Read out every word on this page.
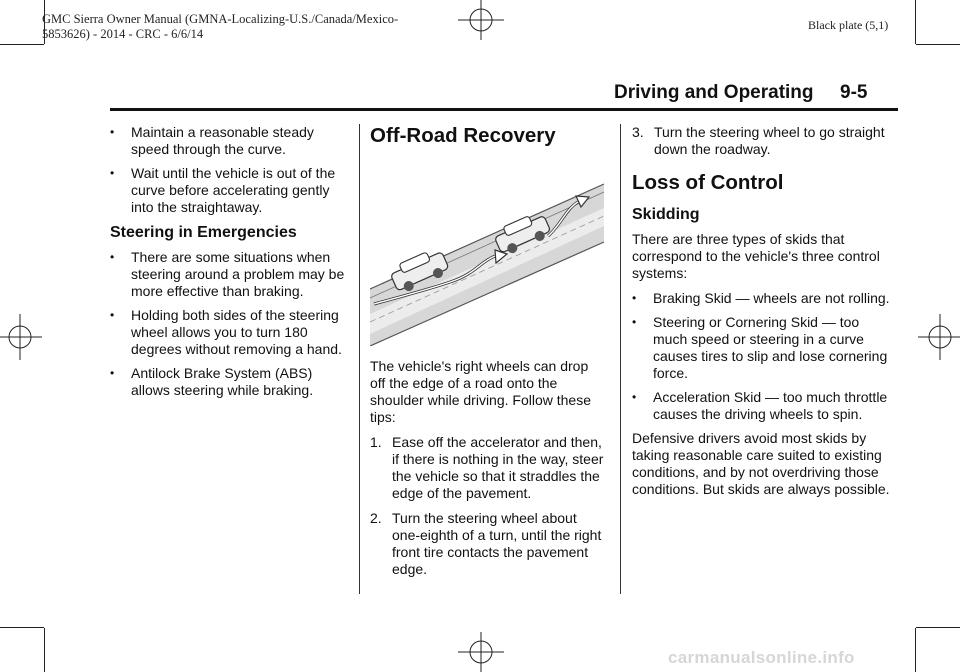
GMC Sierra Owner Manual (GMNA-Localizing-U.S./Canada/Mexico-
5853626) - 2014 - CRC - 6/6/14
Black plate (5,1)
Driving and Operating 9-5
• Maintain a reasonable steady speed through the curve.
• Wait until the vehicle is out of the curve before accelerating gently into the straightaway.
Steering in Emergencies
• There are some situations when steering around a problem may be more effective than braking.
• Holding both sides of the steering wheel allows you to turn 180 degrees without removing a hand.
• Antilock Brake System (ABS) allows steering while braking.
Off-Road Recovery
The vehicle's right wheels can drop off the edge of a road onto the shoulder while driving. Follow these tips:
1. Ease off the accelerator and then, if there is nothing in the way, steer the vehicle so that it straddles the edge of the pavement.
2. Turn the steering wheel about one-eighth of a turn, until the right front tire contacts the pavement edge.
3. Turn the steering wheel to go straight down the roadway.
Loss of Control
Skidding
There are three types of skids that correspond to the vehicle's three control systems:
• Braking Skid — wheels are not rolling.
• Steering or Cornering Skid — too much speed or steering in a curve causes tires to slip and lose cornering force.
• Acceleration Skid — too much throttle causes the driving wheels to spin.
Defensive drivers avoid most skids by taking reasonable care suited to existing conditions, and by not overdriving those conditions. But skids are always possible.
carmanualsonline.info
